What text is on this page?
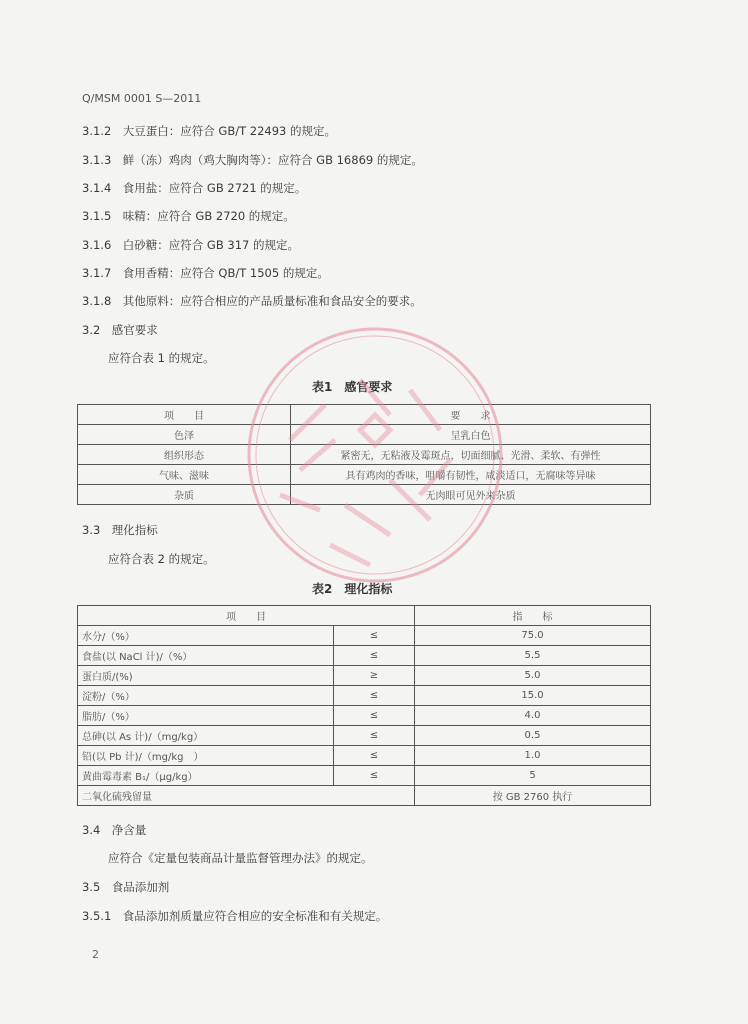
Q/MSM 0001 S—2011
3.1.2　大豆蛋白：应符合 GB/T 22493 的规定。
3.1.3　鲜（冻）鸡肉（鸡大胸肉等）：应符合 GB 16869 的规定。
3.1.4　食用盐：应符合 GB 2721 的规定。
3.1.5　味精：应符合 GB 2720 的规定。
3.1.6　白砂糖：应符合 GB 317 的规定。
3.1.7　食用香精：应符合 QB/T 1505 的规定。
3.1.8　其他原料：应符合相应的产品质量标准和食品安全的要求。
3.2　感官要求
应符合表 1 的规定。
表1　感官要求
项　　目	要　　求
色泽	呈乳白色
组织形态	紧密无，无粘液及霉斑点，切面细腻、光滑、柔软、有弹性
气味、滋味	具有鸡肉的香味，咀嚼有韧性，咸淡适口，无腐味等异味
杂质	无肉眼可见外来杂质
3.3　理化指标
应符合表 2 的规定。
表2　理化指标
项　　目		指　　标
水分/（%）	≤	75.0
食盐(以 NaCl 计)/（%）	≤	5.5
蛋白质/(%)	≥	5.0
淀粉/（%）	≤	15.0
脂肪/（%）	≤	4.0
总砷(以 As 计)/（mg/kg）	≤	0.5
铅(以 Pb 计)/（mg/kg　）	≤	1.0
黄曲霉毒素 B₁/（μg/kg）	≤	5
二氧化硫残留量		按 GB 2760 执行
3.4　净含量
应符合《定量包装商品计量监督管理办法》的规定。
3.5　食品添加剂
3.5.1　食品添加剂质量应符合相应的安全标准和有关规定。
2
